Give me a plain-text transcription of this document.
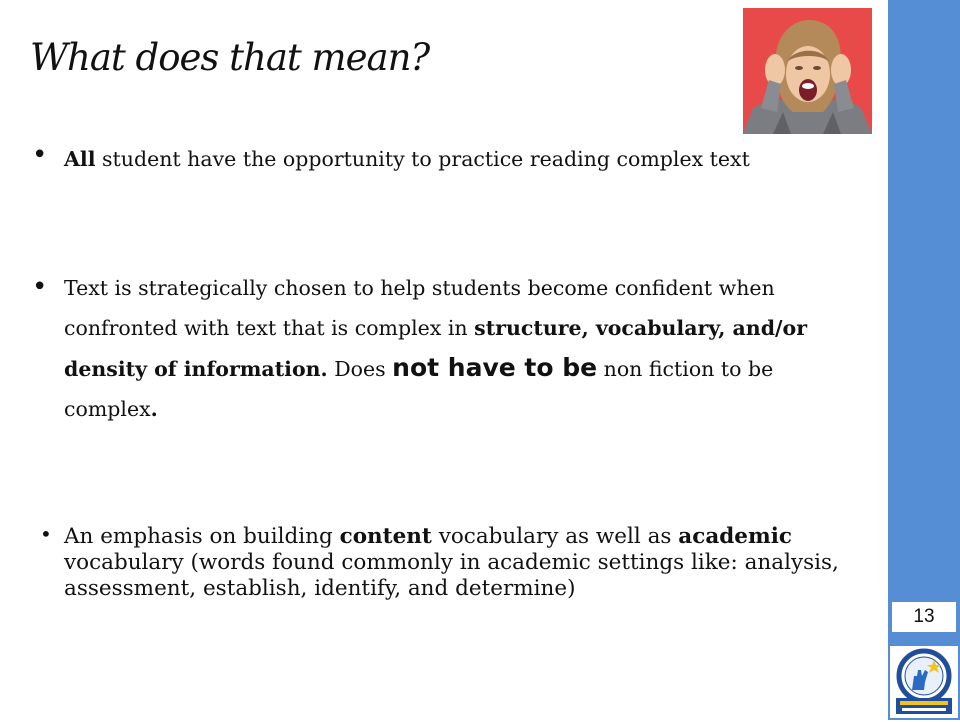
13
What does that mean?
• All student have the opportunity to practice reading complex text

• Text is strategically chosen to help students become confident when confronted with text that is complex in structure, vocabulary, and/or density of information. Does not have to be non fiction to be complex.

• An emphasis on building content vocabulary as well as academic vocabulary (words found commonly in academic settings like: analysis, assessment, establish, identify, and determine)
